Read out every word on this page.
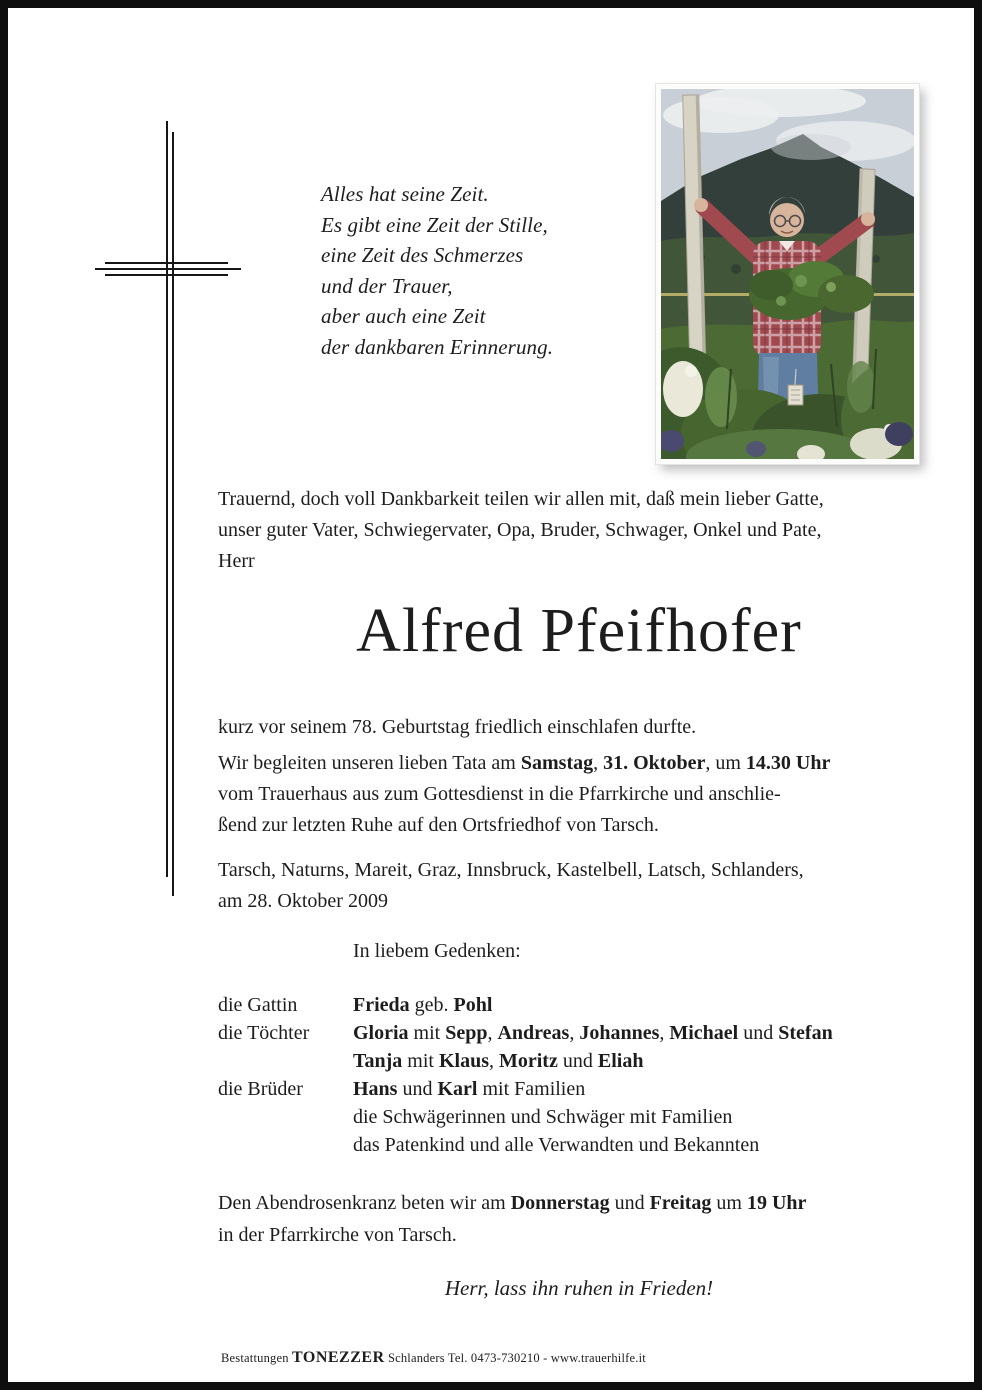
Alles hat seine Zeit.
Es gibt eine Zeit der Stille,
eine Zeit des Schmerzes
und der Trauer,
aber auch eine Zeit
der dankbaren Erinnerung.
Trauernd, doch voll Dankbarkeit teilen wir allen mit, daß mein lieber Gatte,
unser guter Vater, Schwiegervater, Opa, Bruder, Schwager, Onkel und Pate,
Herr
Alfred Pfeifhofer
kurz vor seinem 78. Geburtstag friedlich einschlafen durfte.
Wir begleiten unseren lieben Tata am Samstag, 31. Oktober, um 14.30 Uhr
vom Trauerhaus aus zum Gottesdienst in die Pfarrkirche und anschlie-
ßend zur letzten Ruhe auf den Ortsfriedhof von Tarsch.
Tarsch, Naturns, Mareit, Graz, Innsbruck, Kastelbell, Latsch, Schlanders,
am 28. Oktober 2009
In liebem Gedenken:
die Gattin	Frieda geb. Pohl
die Töchter	Gloria mit Sepp, Andreas, Johannes, Michael und Stefan
Tanja mit Klaus, Moritz und Eliah
die Brüder	Hans und Karl mit Familien
die Schwägerinnen und Schwäger mit Familien
das Patenkind und alle Verwandten und Bekannten
Den Abendrosenkranz beten wir am Donnerstag und Freitag um 19 Uhr
in der Pfarrkirche von Tarsch.
Herr, lass ihn ruhen in Frieden!
Bestattungen TONEZZER Schlanders Tel. 0473-730210 - www.trauerhilfe.it
